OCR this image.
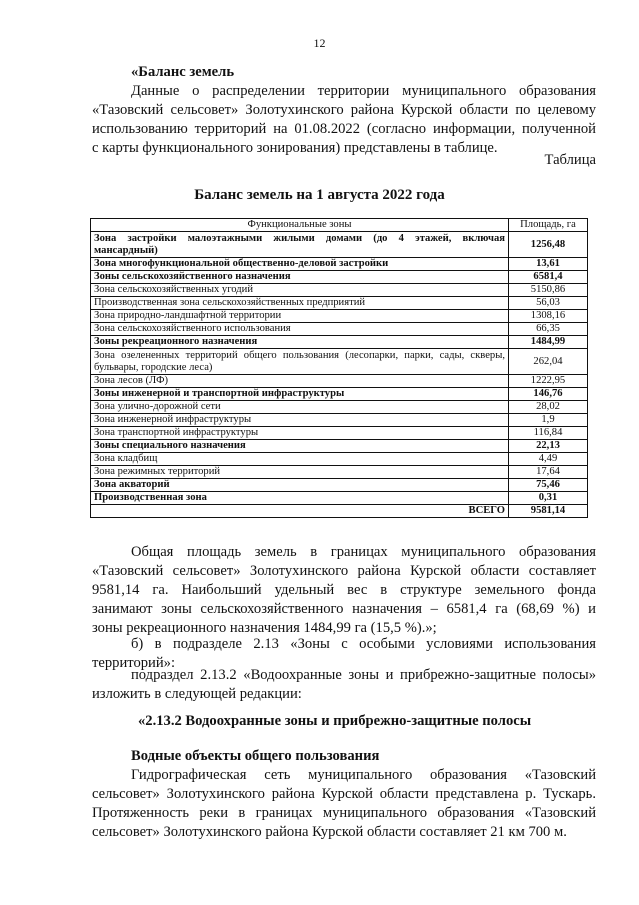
12
«Баланс земель
Данные о распределении территории муниципального образования
«Тазовский сельсовет» Золотухинского района Курской области по целевому
использованию территорий на 01.08.2022 (согласно информации, полученной
с карты функционального зонирования) представлены в таблице.
Таблица
Баланс земель на 1 августа 2022 года
Функциональные зоны	Площадь, га

Зона застройки малоэтажными жилыми домами (до 4 этажей, включая
мансардный)	1256,48
Зона многофункциональной общественно-деловой застройки	13,61
Зоны сельскохозяйственного назначения	6581,4
Зона сельскохозяйственных угодий	5150,86
Производственная зона сельскохозяйственных предприятий	56,03
Зона природно-ландшафтной территории	1308,16
Зона сельскохозяйственного использования	66,35
Зоны рекреационного назначения	1484,99

Зона озелененных территорий общего пользования (лесопарки, парки, сады, скверы,
бульвары, городские леса)	262,04
Зона лесов (ЛФ)	1222,95
Зоны инженерной и транспортной инфраструктуры	146,76
Зона улично-дорожной сети	28,02
Зона инженерной инфраструктуры	1,9
Зона транспортной инфраструктуры	116,84
Зоны специального назначения	22,13
Зона кладбищ	4,49
Зона режимных территорий	17,64
Зона акваторий	75,46
Производственная зона	0,31
ВСЕГО	9581,14
Общая площадь земель в границах муниципального образования
«Тазовский сельсовет» Золотухинского района Курской области составляет
9581,14 га. Наибольший удельный вес в структуре земельного фонда
занимают зоны сельскохозяйственного назначения – 6581,4 га (68,69 %) и
зоны рекреационного назначения 1484,99 га (15,5 %).»;
б) в подразделе 2.13 «Зоны с особыми условиями использования
территорий»:
подраздел 2.13.2 «Водоохранные зоны и прибрежно-защитные полосы»
изложить в следующей редакции:
«2.13.2 Водоохранные зоны и прибрежно-защитные полосы
Водные объекты общего пользования
Гидрографическая сеть муниципального образования «Тазовский
сельсовет» Золотухинского района Курской области представлена р. Тускарь.
Протяженность реки в границах муниципального образования «Тазовский
сельсовет» Золотухинского района Курской области составляет 21 км 700 м.
